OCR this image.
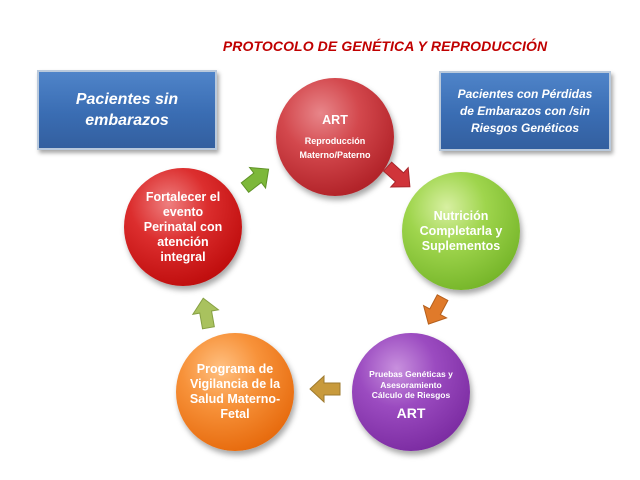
PROTOCOLO DE GENÉTICA Y REPRODUCCIÓN
Pacientes sin embarazos
Pacientes con Pérdidas de Embarazos con /sin Riesgos Genéticos
ART
Reproducción
Materno/Paterno
Nutrición Completarla y Suplementos
Pruebas Genéticas y Asesoramiento Cálculo de Riesgos
ART
Programa de Vigilancia de la Salud Materno-Fetal
Fortalecer el evento Perinatal con atención integral
